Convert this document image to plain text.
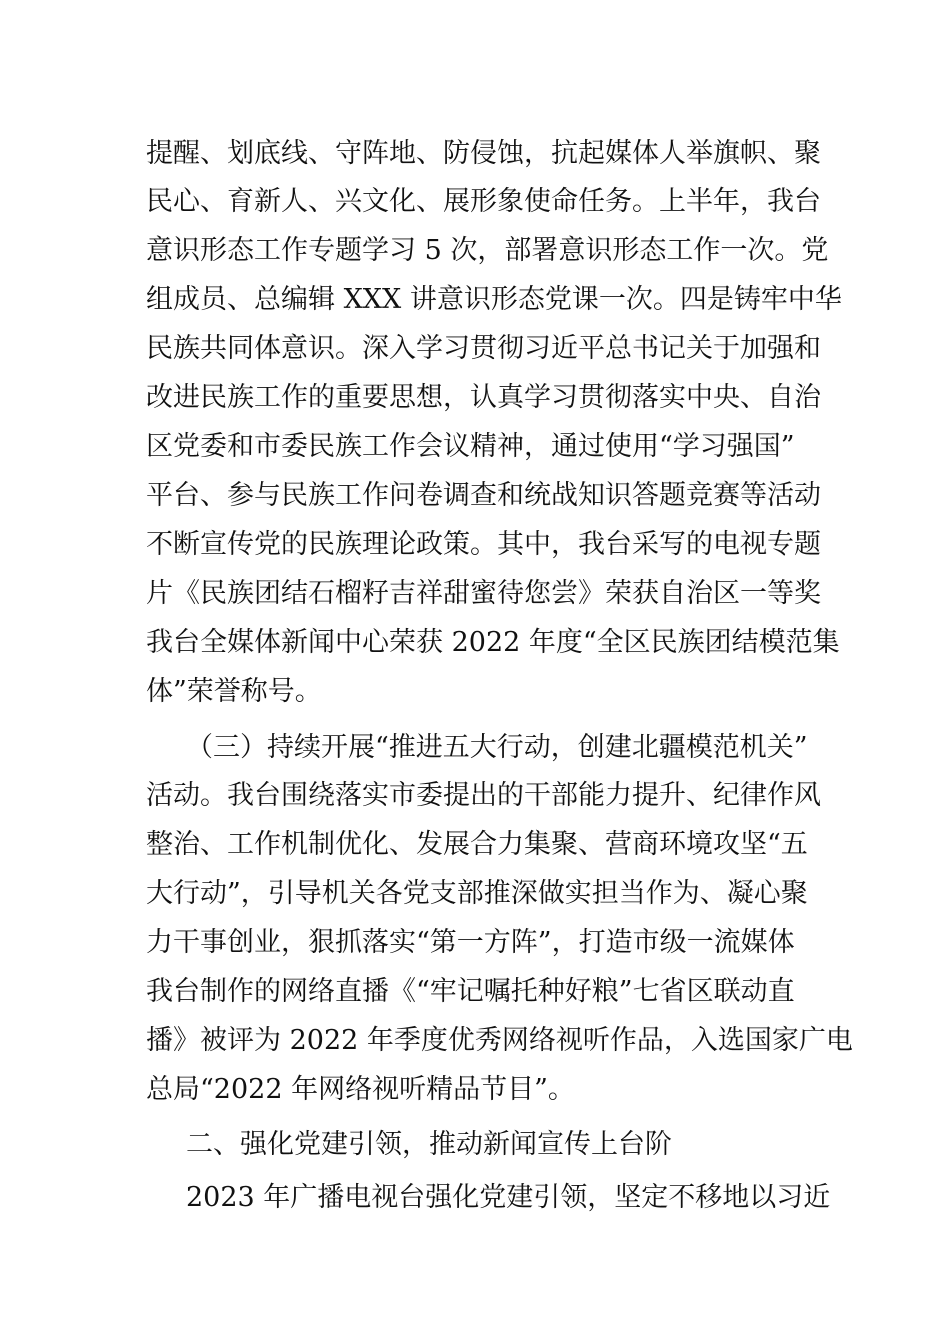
提醒、划底线、守阵地、防侵蚀，抗起媒体人举旗帜、聚
民心、育新人、兴文化、展形象使命任务。上半年，我台
意识形态工作专题学习 5 次，部署意识形态工作一次。党
组成员、总编辑 XXX 讲意识形态党课一次。四是铸牢中华
民族共同体意识。深入学习贯彻习近平总书记关于加强和
改进民族工作的重要思想，认真学习贯彻落实中央、自治
区党委和市委民族工作会议精神，通过使用“学习强国”
平台、参与民族工作问卷调查和统战知识答题竞赛等活动
不断宣传党的民族理论政策。其中，我台采写的电视专题
片《民族团结石榴籽吉祥甜蜜待您尝》荣获自治区一等奖
我台全媒体新闻中心荣获 2022 年度“全区民族团结模范集
体”荣誉称号。
（三）持续开展“推进五大行动，创建北疆模范机关”
活动。我台围绕落实市委提出的干部能力提升、纪律作风
整治、工作机制优化、发展合力集聚、营商环境攻坚“五
大行动”，引导机关各党支部推深做实担当作为、凝心聚
力干事创业，狠抓落实“第一方阵”，打造市级一流媒体
我台制作的网络直播《“牢记嘱托种好粮”七省区联动直
播》被评为 2022 年季度优秀网络视听作品，入选国家广电
总局“2022 年网络视听精品节目”。
二、强化党建引领，推动新闻宣传上台阶
2023 年广播电视台强化党建引领，坚定不移地以习近
